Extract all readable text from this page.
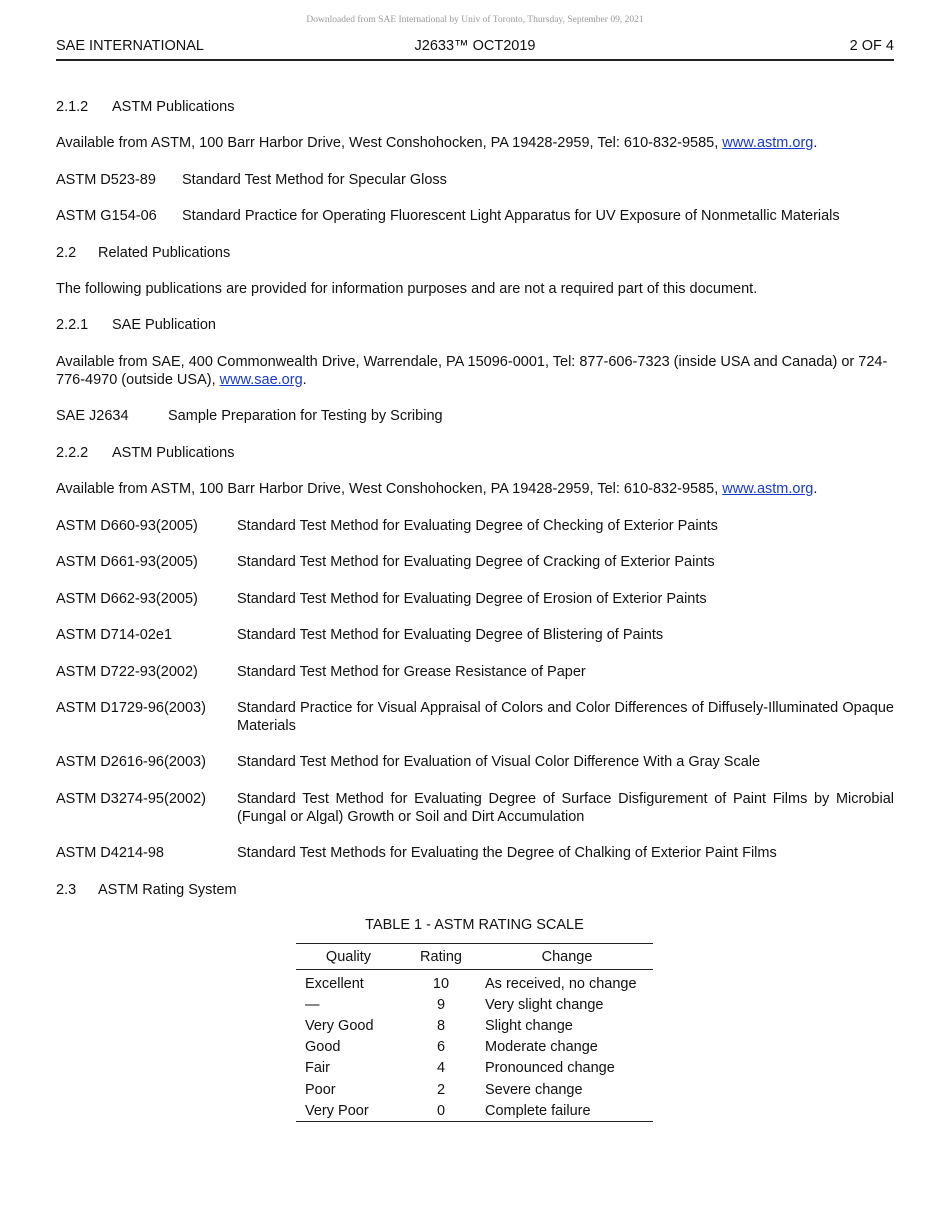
Downloaded from SAE International by Univ of Toronto, Thursday, September 09, 2021
SAE INTERNATIONAL	J2633™ OCT2019	2 OF 4
2.1.2 ASTM Publications
Available from ASTM, 100 Barr Harbor Drive, West Conshohocken, PA 19428-2959, Tel: 610-832-9585, www.astm.org.
ASTM D523-89 Standard Test Method for Specular Gloss
ASTM G154-06 Standard Practice for Operating Fluorescent Light Apparatus for UV Exposure of Nonmetallic Materials
2.2 Related Publications
The following publications are provided for information purposes and are not a required part of this document.
2.2.1 SAE Publication
Available from SAE, 400 Commonwealth Drive, Warrendale, PA 15096-0001, Tel: 877-606-7323 (inside USA and Canada) or 724-776-4970 (outside USA), www.sae.org.
SAE J2634	Sample Preparation for Testing by Scribing
2.2.2 ASTM Publications
Available from ASTM, 100 Barr Harbor Drive, West Conshohocken, PA 19428-2959, Tel: 610-832-9585, www.astm.org.
ASTM D660-93(2005)	Standard Test Method for Evaluating Degree of Checking of Exterior Paints
ASTM D661-93(2005)	Standard Test Method for Evaluating Degree of Cracking of Exterior Paints
ASTM D662-93(2005)	Standard Test Method for Evaluating Degree of Erosion of Exterior Paints
ASTM D714-02e1	Standard Test Method for Evaluating Degree of Blistering of Paints
ASTM D722-93(2002)	Standard Test Method for Grease Resistance of Paper
ASTM D1729-96(2003) Standard Practice for Visual Appraisal of Colors and Color Differences of Diffusely-Illuminated Opaque Materials
ASTM D2616-96(2003) Standard Test Method for Evaluation of Visual Color Difference With a Gray Scale
ASTM D3274-95(2002) Standard Test Method for Evaluating Degree of Surface Disfigurement of Paint Films by Microbial (Fungal or Algal) Growth or Soil and Dirt Accumulation
ASTM D4214-98	Standard Test Methods for Evaluating the Degree of Chalking of Exterior Paint Films
2.3 ASTM Rating System
TABLE 1 - ASTM RATING SCALE
Quality	Rating	Change
Excellent	10	As received, no change
—	9	Very slight change
Very Good	8	Slight change
Good	6	Moderate change
Fair	4	Pronounced change
Poor	2	Severe change
Very Poor	0	Complete failure
